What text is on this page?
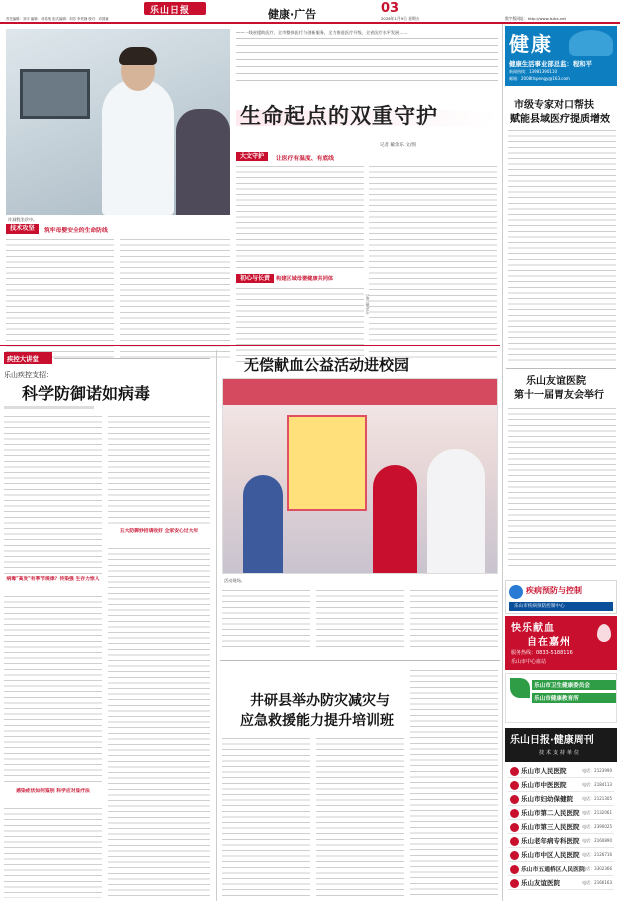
乐山日报
责任编辑：刘平 编辑：邓希苑 组式编辑：刘苏 李昊静 校对：邓国童	健康·广告	03
2026年1月9日 星期五	数字版网址：http://www.lsrbs.net

——一线省援助医疗、全市整体医疗与创新服务，全力推进医疗升级，全省医疗水平发展……

生命起点的双重守护
记者 戴余乐 文/图
许洞程坐诊中。
大文守护	让医疗有温度、有底线
初心与长责	构建区域母婴健康共同体
记者 戴余乐
技术攻坚	筑牢母婴安全的生命防线
健康
健康生活事业部总监：程和平
新闻热线：13981390110
邮箱：2008tlspengy@163.com
市级专家对口帮扶
赋能县域医疗提质增效
乐山友谊医院
第十一届胃友会举行
疾病预防与控制
乐山市疾病预防控制中心
快乐献血
自在嘉州
服务热线：0833-5188116
乐山市中心血站
乐山市卫生健康委员会
乐山市健康教育所
乐山日报·健康周刊
技术支持单位
乐山市人民医院	电话：2123990
乐山市中医医院	电话：2184113
乐山市妇幼保健院 电话：2121305
乐山市第二人民医院 电话：2132061
乐山市第三人民医院 电话：2390025
乐山老年病专科医院 电话：2160890
乐山市中区人民医院 电话：2126716
乐山市五通桥区人民医院
电话：3302366
乐山友谊医院	电话：2166163
疾控大讲堂
乐山疾控支招：
科学防御诺如病毒
病毒"高发"有季节规律？传染强 生存力惊人
感染症状如何鉴别 科学应对显疗法
五大防御妙招请收好 全家安心过大年
无偿献血公益活动进校园
活动现场。
井研县举办防灾减灾与
应急救援能力提升培训班
